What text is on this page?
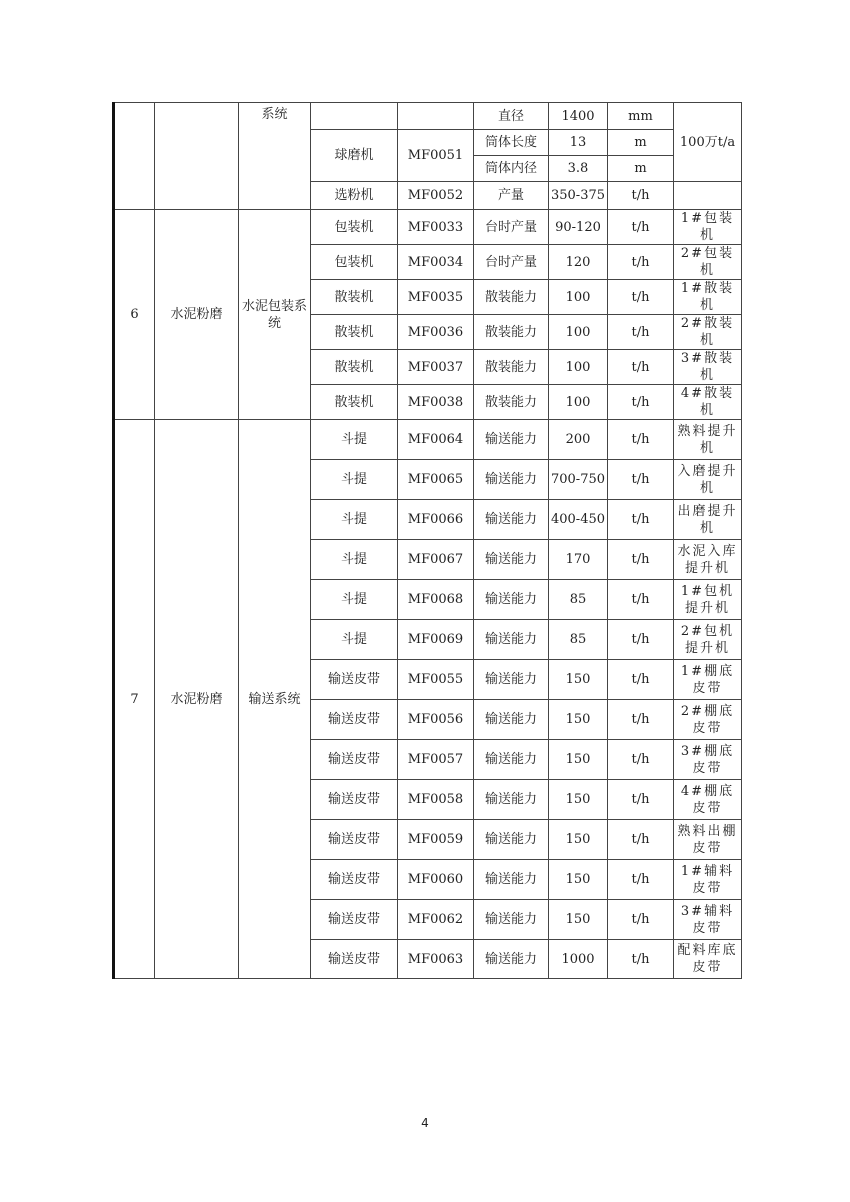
		系统			直径	1400	mm	100万t/a
			球磨机	MF0051	筒体长度	13	m	
					筒体内径	3.8	m	
			选粉机	MF0052	产量	350-375	t/h	
6	水泥粉磨	水泥包装系统	包装机	MF0033	台时产量	90-120	t/h	1#包装机
			包装机	MF0034	台时产量	120	t/h	2#包装机
			散装机	MF0035	散装能力	100	t/h	1#散装机
			散装机	MF0036	散装能力	100	t/h	2#散装机
			散装机	MF0037	散装能力	100	t/h	3#散装机
			散装机	MF0038	散装能力	100	t/h	4#散装机
7	水泥粉磨	输送系统	斗提	MF0064	输送能力	200	t/h	熟料提升机
			斗提	MF0065	输送能力	700-750	t/h	入磨提升机
			斗提	MF0066	输送能力	400-450	t/h	出磨提升机
			斗提	MF0067	输送能力	170	t/h	水泥入库提升机
			斗提	MF0068	输送能力	85	t/h	1#包机提升机
			斗提	MF0069	输送能力	85	t/h	2#包机提升机
			输送皮带	MF0055	输送能力	150	t/h	1#棚底皮带
			输送皮带	MF0056	输送能力	150	t/h	2#棚底皮带
			输送皮带	MF0057	输送能力	150	t/h	3#棚底皮带
			输送皮带	MF0058	输送能力	150	t/h	4#棚底皮带
			输送皮带	MF0059	输送能力	150	t/h	熟料出棚皮带
			输送皮带	MF0060	输送能力	150	t/h	1#辅料皮带
			输送皮带	MF0062	输送能力	150	t/h	3#辅料皮带
			输送皮带	MF0063	输送能力	1000	t/h	配料库底皮带
4
